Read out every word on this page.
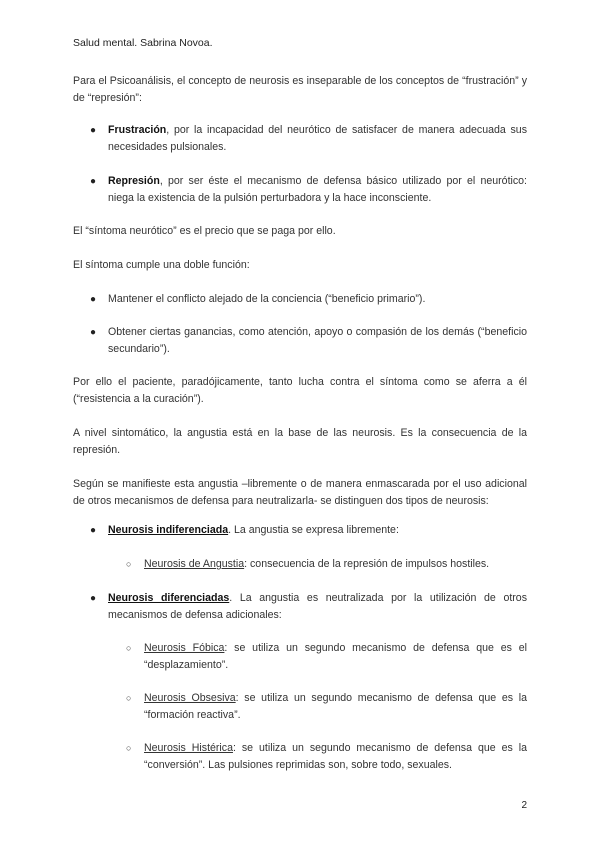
Salud mental. Sabrina Novoa.
Para el Psicoanálisis, el concepto de neurosis es inseparable de los conceptos de “frustración” y de “represión”:
●	Frustración, por la incapacidad del neurótico de satisfacer de manera adecuada sus necesidades pulsionales.
●	Represión, por ser éste el mecanismo de defensa básico utilizado por el neurótico: niega la existencia de la pulsión perturbadora y la hace inconsciente.
El “síntoma neurótico” es el precio que se paga por ello.
El síntoma cumple una doble función:
●	Mantener el conflicto alejado de la conciencia (“beneficio primario”).
●	Obtener ciertas ganancias, como atención, apoyo o compasión de los demás (“beneficio secundario”).
Por ello el paciente, paradójicamente, tanto lucha contra el síntoma como se aferra a él (“resistencia a la curación”).
A nivel sintomático, la angustia está en la base de las neurosis. Es la consecuencia de la represión.
Según se manifieste esta angustia –libremente o de manera enmascarada por el uso adicional de otros mecanismos de defensa para neutralizarla- se distinguen dos tipos de neurosis:
●	Neurosis indiferenciada. La angustia se expresa libremente:
○	Neurosis de Angustia: consecuencia de la represión de impulsos hostiles.
●	Neurosis diferenciadas. La angustia es neutralizada por la utilización de otros mecanismos de defensa adicionales:
○	Neurosis Fóbica: se utiliza un segundo mecanismo de defensa que es el “desplazamiento”.
○	Neurosis Obsesiva: se utiliza un segundo mecanismo de defensa que es la “formación reactiva”.
○	Neurosis Histérica: se utiliza un segundo mecanismo de defensa que es la “conversión”. Las pulsiones reprimidas son, sobre todo, sexuales.
2
